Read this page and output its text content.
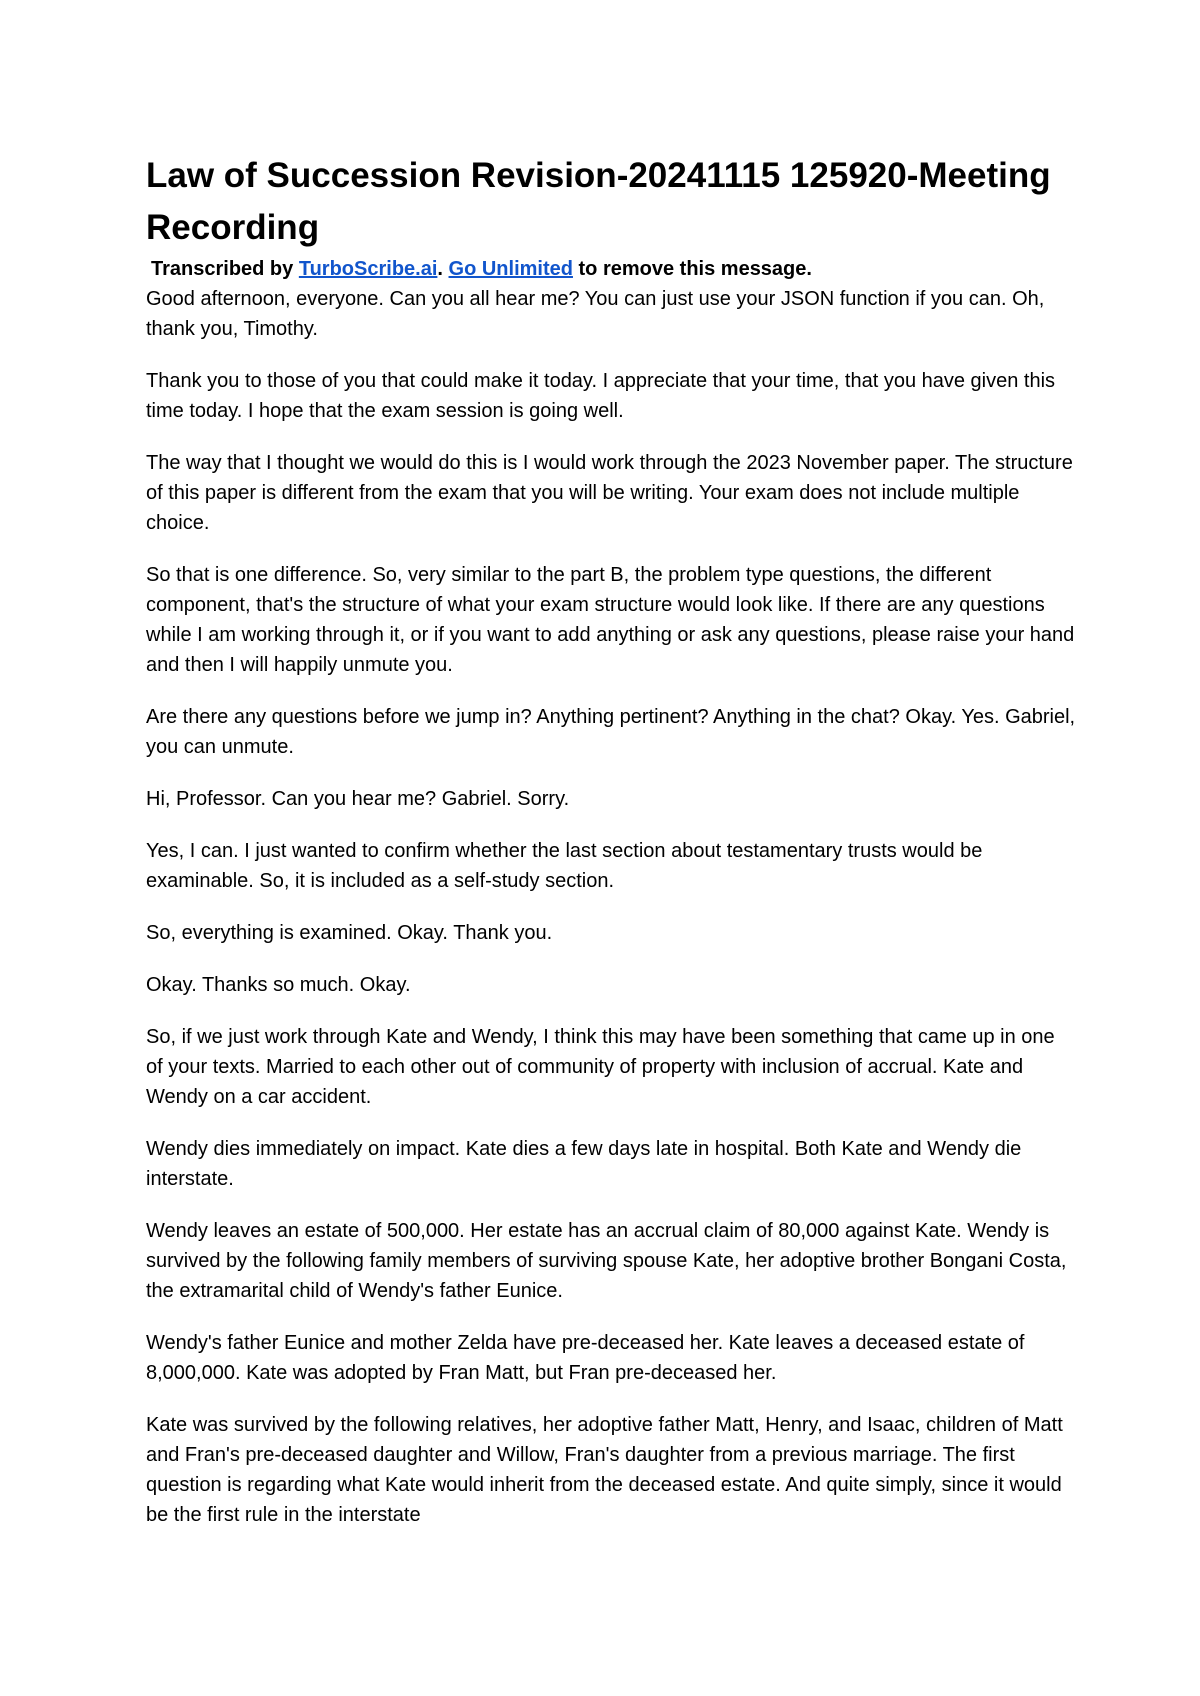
Law of Succession Revision-20241115 125920-Meeting Recording

Transcribed by TurboScribe.ai. Go Unlimited to remove this message.

Good afternoon, everyone. Can you all hear me? You can just use your JSON function if you can. Oh, thank you, Timothy.

Thank you to those of you that could make it today. I appreciate that your time, that you have given this time today. I hope that the exam session is going well.

The way that I thought we would do this is I would work through the 2023 November paper. The structure of this paper is different from the exam that you will be writing. Your exam does not include multiple choice.

So that is one difference. So, very similar to the part B, the problem type questions, the different component, that's the structure of what your exam structure would look like. If there are any questions while I am working through it, or if you want to add anything or ask any questions, please raise your hand and then I will happily unmute you.

Are there any questions before we jump in? Anything pertinent? Anything in the chat? Okay. Yes. Gabriel, you can unmute.

Hi, Professor. Can you hear me? Gabriel. Sorry.

Yes, I can. I just wanted to confirm whether the last section about testamentary trusts would be examinable. So, it is included as a self-study section.

So, everything is examined. Okay. Thank you.

Okay. Thanks so much. Okay.

So, if we just work through Kate and Wendy, I think this may have been something that came up in one of your texts. Married to each other out of community of property with inclusion of accrual. Kate and Wendy on a car accident.

Wendy dies immediately on impact. Kate dies a few days late in hospital. Both Kate and Wendy die interstate.

Wendy leaves an estate of 500,000. Her estate has an accrual claim of 80,000 against Kate. Wendy is survived by the following family members of surviving spouse Kate, her adoptive brother Bongani Costa, the extramarital child of Wendy's father Eunice.

Wendy's father Eunice and mother Zelda have pre-deceased her. Kate leaves a deceased estate of 8,000,000. Kate was adopted by Fran Matt, but Fran pre-deceased her.

Kate was survived by the following relatives, her adoptive father Matt, Henry, and Isaac, children of Matt and Fran's pre-deceased daughter and Willow, Fran's daughter from a previous marriage. The first question is regarding what Kate would inherit from the deceased estate. And quite simply, since it would be the first rule in the interstate
